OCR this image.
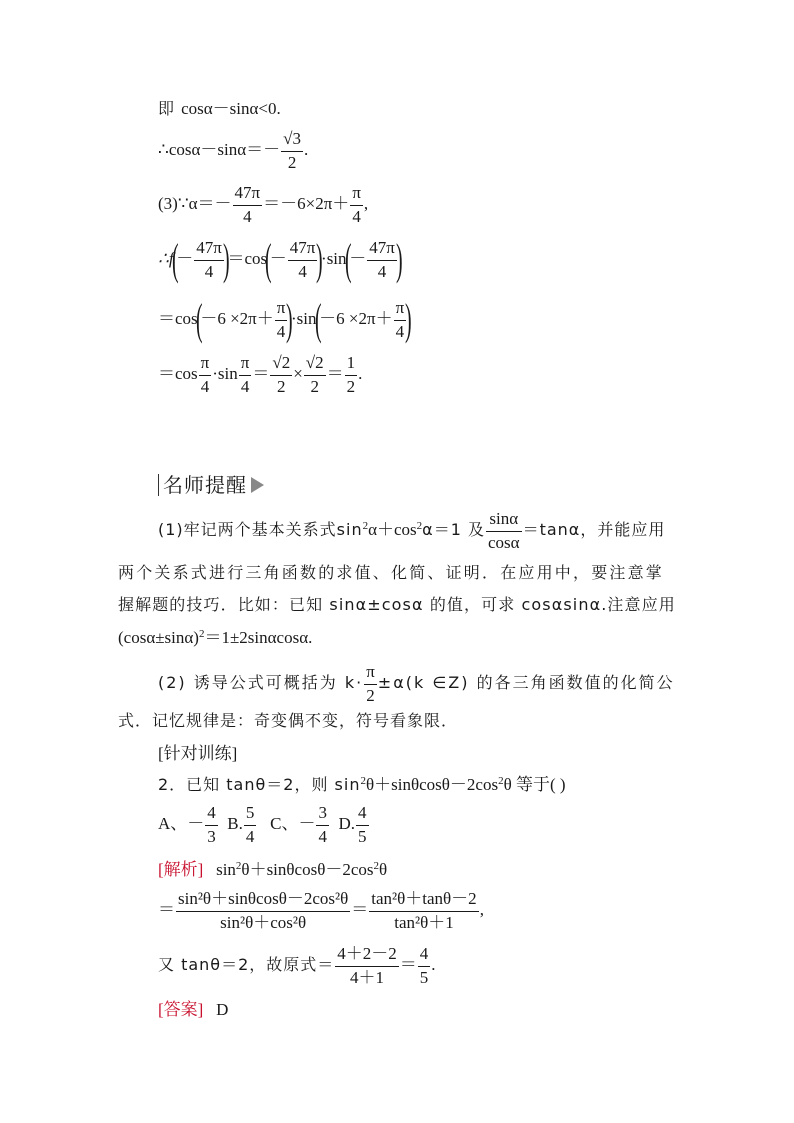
即 cosα－sinα<0.
∴cosα－sinα＝－ $\frac{√3}{2}$ .
(3)∵α＝－ $\frac{47\pi}{4} =-6\times 2\pi+ \frac{\pi}{4}$ ,
∴f(－ $\frac{47\pi}{4} )=\cos(- \frac{47\pi}{4} )\cdot\sin(- \frac{47\pi}{4}$ )
$=\cos(-6 \times 2\pi+ \frac{\pi}{4} )\cdot\sin(-6 \times 2\pi+ \frac{\pi}{4}$ )
$=\cos \frac{\pi}{4} \cdot\sin \frac{\pi}{4} = \frac{√2}{2} \times \frac{√2}{2} = \frac{1}{2}$ .
名师提醒
(1)牢记两个基本关系式$\sin^2\alpha+\cos^2\alpha=1$ 及 $\frac{\sin\alpha}{\cos\alpha} =\tan\alpha$，并能应用
两个关系式进行三角函数的求值、化简、证明．在应用中，要注意掌
握解题的技巧．比如：已知 sinα±cosα 的值，可求 cosαsinα.注意应用
$(\cos\alpha\pm\sin\alpha)^2=1\pm 2\sin\alpha\cos\alpha$.
(2) 诱导公式可概括为 $k\cdot \frac{\pi}{2} \pm\alpha(k$ ∈Z) 的各三角函数值的化简公
式．记忆规律是：奇变偶不变，符号看象限．
[针对训练]
2．已知 tanθ＝2，则 $\sin^2\theta+\sin\theta\cos\theta-2\cos^2\theta$ 等于( )
A、－ $\frac{4}{3} B$. $\frac{5}{4}$ C、－ $\frac{3}{4} D$. $\frac{4}{5}$
[解析] $\sin^2\theta+\sin\theta\cos\theta-2\cos^2\theta$
＝ $\frac{\text{sin²θ＋sinθcosθ－2cos²θ}}{\text{sin²θ＋cos²θ}} = \frac{\text{tan²θ＋tanθ－2}}{\text{tan²θ＋1}}$ ,
又 tanθ＝2，故原式＝ $\frac{4+2-2}{4+1} = \frac{4}{5}$ .
[答案] D
